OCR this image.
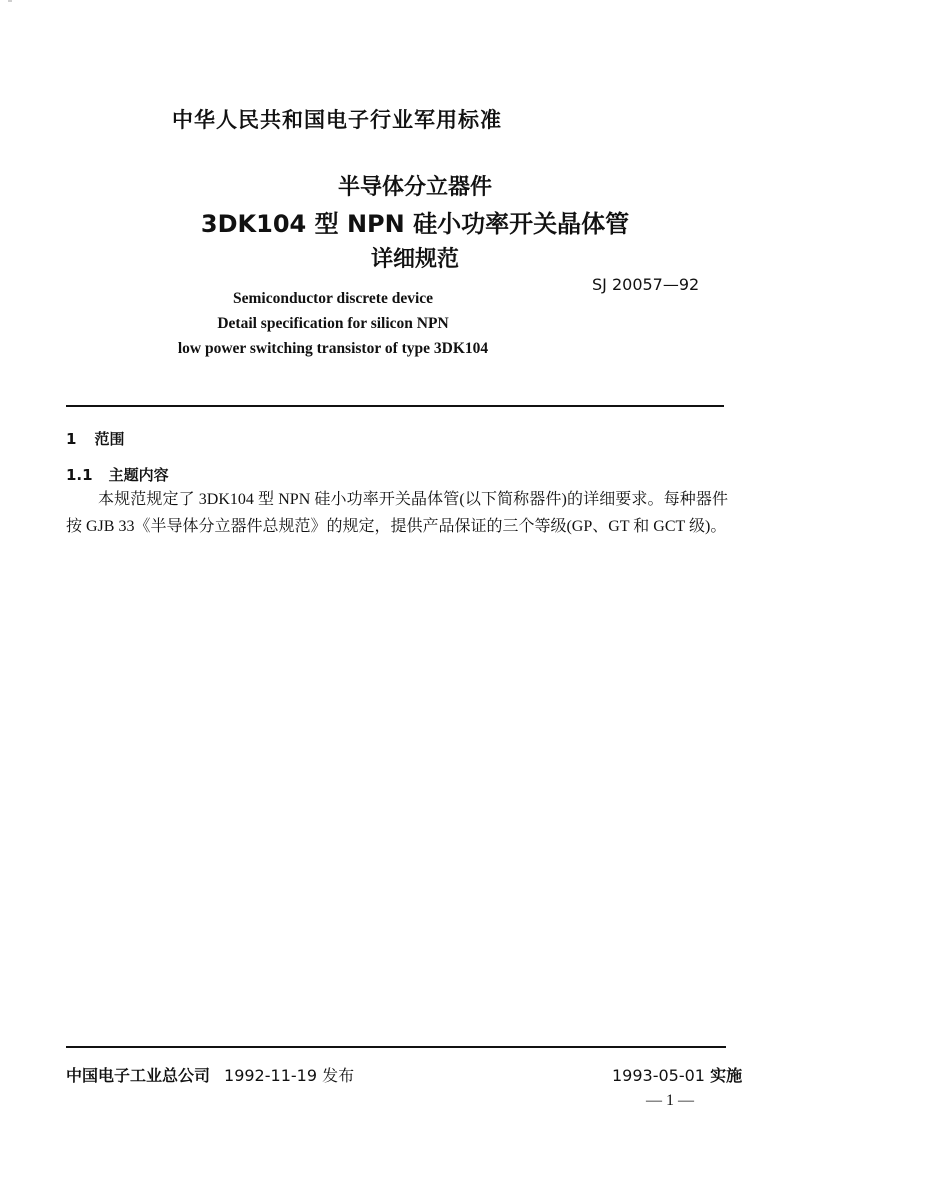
中华人民共和国电子行业军用标准
半导体分立器件
3DK104 型 NPN 硅小功率开关晶体管
详细规范
SJ 20057—92
Semiconductor discrete device
Detail specification for silicon NPN
low power switching transistor of type 3DK104
1 范围
1.1 主题内容
本规范规定了 3DK104 型 NPN 硅小功率开关晶体管(以下简称器件)的详细要求。每种器件按 GJB 33《半导体分立器件总规范》的规定，提供产品保证的三个等级(GP、GT 和 GCT 级)。
中国电子工业总公司 1992-11-19 发布	1993-05-01 实施
— 1 —
